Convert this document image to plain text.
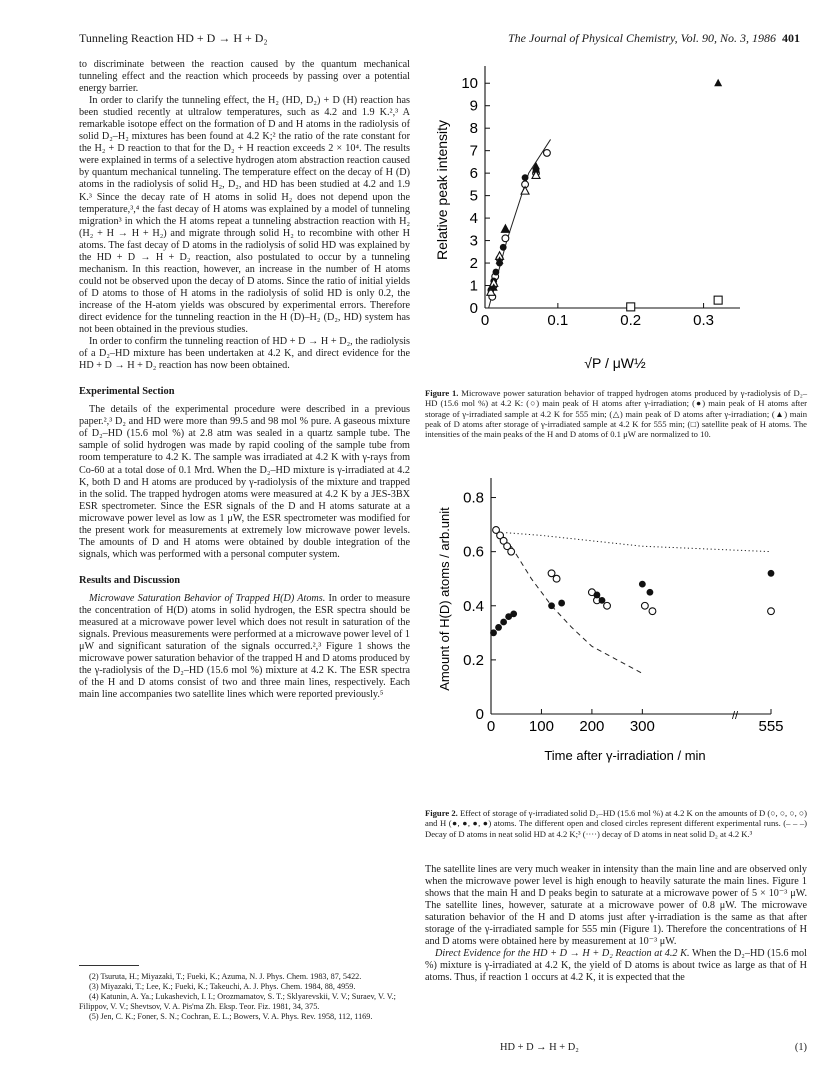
Tunneling Reaction HD + D → H + D₂	The Journal of Physical Chemistry, Vol. 90, No. 3, 1986 401

to discriminate between the reaction caused by the quantum mechanical tunneling effect and the reaction which proceeds by passing over a potential energy barrier.

In order to clarify the tunneling effect, the H₂ (HD, D₂) + D (H) reaction has been studied recently at ultralow temperatures, such as 4.2 and 1.9 K.²,³ A remarkable isotope effect on the formation of D and H atoms in the radiolysis of solid D₂–H₂ mixtures has been found at 4.2 K;² the ratio of the rate constant for the H₂ + D reaction to that for the D₂ + H reaction exceeds 2 × 10⁴. The results were explained in terms of a selective hydrogen atom abstraction reaction caused by quantum mechanical tunneling. The temperature effect on the decay of H (D) atoms in the radiolysis of solid H₂, D₂, and HD has been studied at 4.2 and 1.9 K.³ Since the decay rate of H atoms in solid H₂ does not depend upon the temperature,³,⁴ the fast decay of H atoms was explained by a model of tunneling migration³ in which the H atoms repeat a tunneling abstraction reaction with H₂ (H₂ + H → H + H₂) and migrate through solid H₂ to recombine with other H atoms. The fast decay of D atoms in the radiolysis of solid HD was explained by the HD + D → H + D₂ reaction, also postulated to occur by a tunneling mechanism. In this reaction, however, an increase in the number of H atoms could not be observed upon the decay of D atoms. Since the ratio of initial yields of D atoms to those of H atoms in the radiolysis of solid HD is only 0.2, the increase of the H-atom yields was obscured by experimental errors. Therefore direct evidence for the tunneling reaction in the H (D)–H₂ (D₂, HD) system has not been obtained in the previous studies.

In order to confirm the tunneling reaction of HD + D → H + D₂, the radiolysis of a D₂–HD mixture has been undertaken at 4.2 K, and direct evidence for the HD + D → H + D₂ reaction has now been obtained.

Experimental Section

The details of the experimental procedure were described in a previous paper.²,³ D₂ and HD were more than 99.5 and 98 mol % pure. A gaseous mixture of D₂–HD (15.6 mol %) at 2.8 atm was sealed in a quartz sample tube. The sample of solid hydrogen was made by rapid cooling of the sample tube from room temperature to 4.2 K. The sample was irradiated at 4.2 K with γ-rays from Co-60 at a total dose of 0.1 Mrd. When the D₂–HD mixture is γ-irradiated at 4.2 K, both D and H atoms are produced by γ-radiolysis of the mixture and trapped in the solid. The trapped hydrogen atoms were measured at 4.2 K by a JES-3BX ESR spectrometer. Since the ESR signals of the D and H atoms saturate at a microwave power level as low as 1 μW, the ESR spectrometer was modified for the present work for measurements at extremely low microwave power levels. The amounts of D and H atoms were obtained by double integration of the signals, which was performed with a personal computer system.

Results and Discussion

Microwave Saturation Behavior of Trapped H(D) Atoms. In order to measure the concentration of H(D) atoms in solid hydrogen, the ESR spectra should be measured at a microwave power level which does not result in saturation of the signals. Previous measurements were performed at a microwave power level of 1 μW and significant saturation of the signals occurred.²,³ Figure 1 shows the microwave power saturation behavior of the trapped H and D atoms produced by the γ-radiolysis of the D₂–HD (15.6 mol %) mixture at 4.2 K. The ESR spectra of the H and D atoms consist of two and three main lines, respectively. Each main line accompanies two satellite lines which were reported previously.⁵

(2) Tsuruta, H.; Miyazaki, T.; Fueki, K.; Azuma, N. J. Phys. Chem. 1983, 87, 5422.

(3) Miyazaki, T.; Lee, K.; Fueki, K.; Takeuchi, A. J. Phys. Chem. 1984, 88, 4959.

(4) Katunin, A. Ya.; Lukashevich, I. I.; Orozmamatov, S. T.; Sklyarevskii, V. V.; Suraev, V. V.; Filippov, V. V.; Shevtsov, V. A. Pis'ma Zh. Eksp. Teor. Fiz. 1981, 34, 375.

(5) Jen, C. K.; Foner, S. N.; Cochran, E. L.; Bowers, V. A. Phys. Rev. 1958, 112, 1169.

0
1
2
3
4
5
6
7
8
9
10
0	0.1	0.2	0.3
√P / μW½
Relative peak intensity
Figure 1. Microwave power saturation behavior of trapped hydrogen atoms produced by γ-radiolysis of D₂–HD (15.6 mol %) at 4.2 K: (○) main peak of H atoms after γ-irradiation; (●) main peak of H atoms after storage of γ-irradiated sample at 4.2 K for 555 min; (△) main peak of D atoms after γ-irradiation; (▲) main peak of D atoms after storage of γ-irradiated sample at 4.2 K for 555 min; (□) satellite peak of H atoms. The intensities of the main peaks of the H and D atoms of 0.1 μW are normalized to 10.
0
0.2
0.4
0.6
0.8
0 100 200 300	555
Time after γ-irradiation / min
Amount of H(D) atoms / arb.unit
//
Figure 2. Effect of storage of γ-irradiated solid D₂–HD (15.6 mol %) at 4.2 K on the amounts of D (○, ○, ○, ○) and H (●, ●, ●, ●) atoms. The different open and closed circles represent different experimental runs. (– – –) Decay of D atoms in neat solid HD at 4.2 K;³ (····) decay of D atoms in neat solid D₂ at 4.2 K.³

The satellite lines are very much weaker in intensity than the main line and are observed only when the microwave power level is high enough to heavily saturate the main lines. Figure 1 shows that the main H and D peaks begin to saturate at a microwave power of 5 × 10⁻³ μW. The satellite lines, however, saturate at a microwave power of 0.8 μW. The microwave saturation behavior of the H and D atoms just after γ-irradiation is the same as that after storage of the γ-irradiated sample for 555 min (Figure 1). Therefore the concentrations of H and D atoms were obtained here by measurement at 10⁻³ μW.

Direct Evidence for the HD + D → H + D₂ Reaction at 4.2 K. When the D₂–HD (15.6 mol %) mixture is γ-irradiated at 4.2 K, the yield of D atoms is about twice as large as that of H atoms. Thus, if reaction 1 occurs at 4.2 K, it is expected that the

HD + D → H + D₂	(1)
